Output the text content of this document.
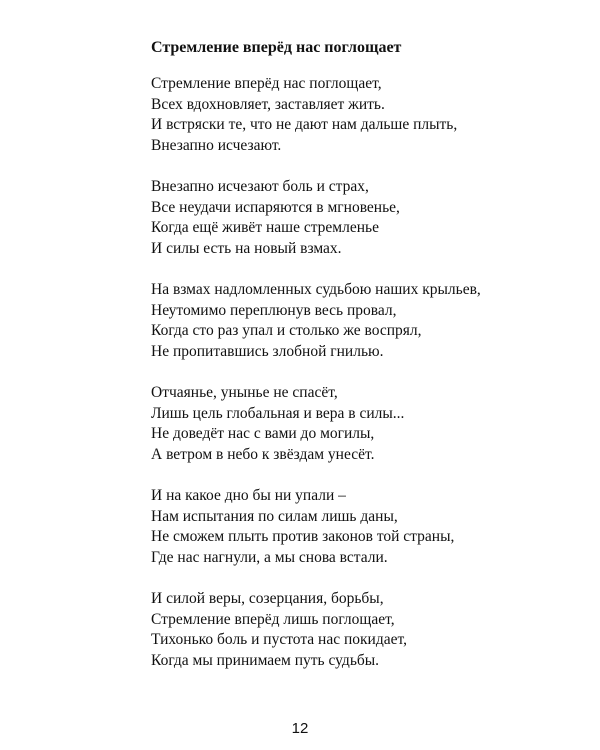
Стремление вперёд нас поглощает
Стремление вперёд нас поглощает,
Всех вдохновляет, заставляет жить.
И встряски те, что не дают нам дальше плыть,
Внезапно исчезают.
Внезапно исчезают боль и страх,
Все неудачи испаряются в мгновенье,
Когда ещё живёт наше стремленье
И силы есть на новый взмах.
На взмах надломленных судьбою наших крыльев,
Неутомимо переплюнув весь провал,
Когда сто раз упал и столько же воспрял,
Не пропитавшись злобной гнилью.
Отчаянье, унынье не спасёт,
Лишь цель глобальная и вера в силы...
Не доведёт нас с вами до могилы,
А ветром в небо к звёздам унесёт.
И на какое дно бы ни упали –
Нам испытания по силам лишь даны,
Не сможем плыть против законов той страны,
Где нас нагнули, а мы снова встали.
И силой веры, созерцания, борьбы,
Стремление вперёд лишь поглощает,
Тихонько боль и пустота нас покидает,
Когда мы принимаем путь судьбы.
12
